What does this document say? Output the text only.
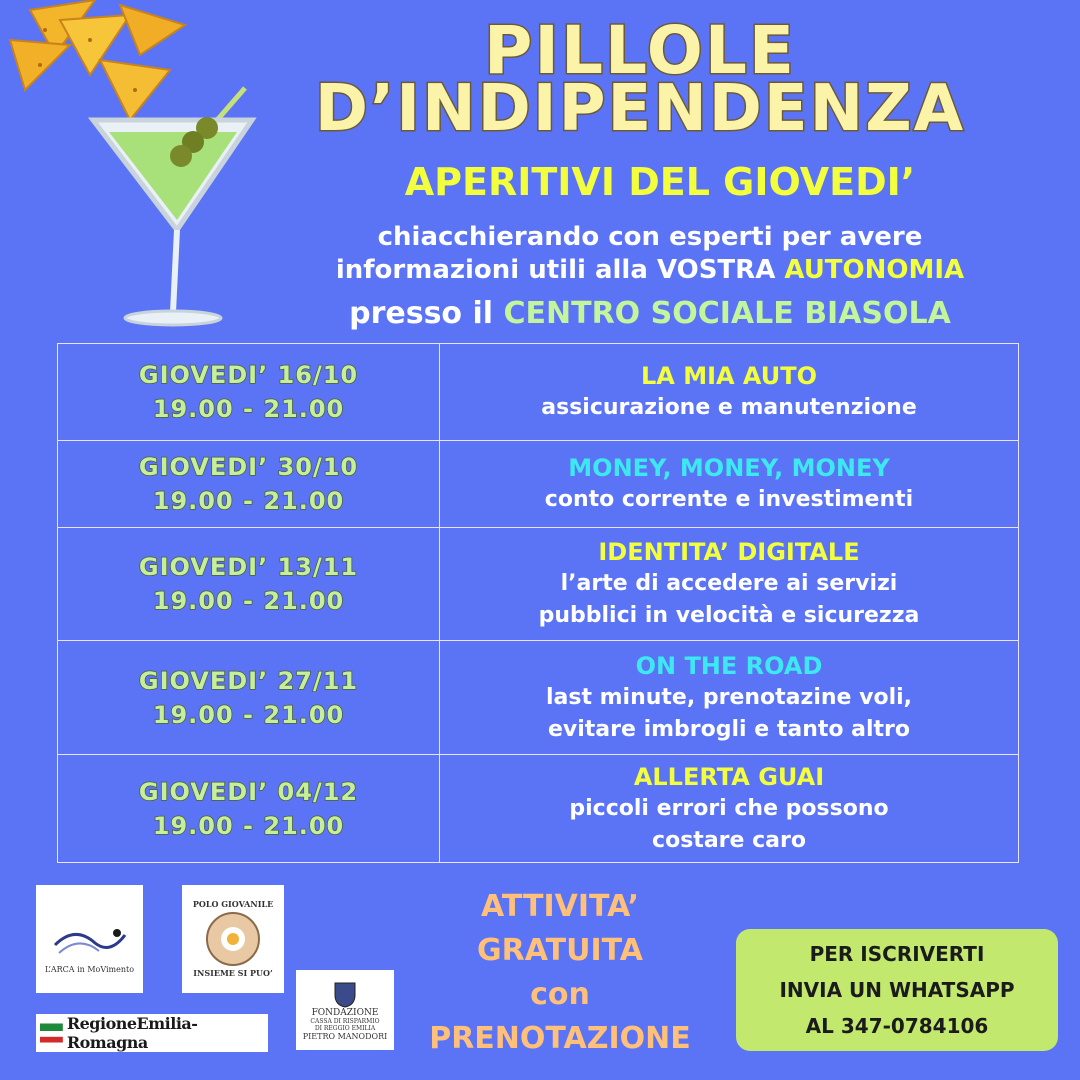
PILLOLE
D’INDIPENDENZA
APERITIVI DEL GIOVEDI’
chiacchierando con esperti per avere
informazioni utili alla VOSTRA AUTONOMIA
presso il CENTRO SOCIALE BIASOLA
GIOVEDI’ 16/10
19.00 - 21.00
LA MIA AUTO
assicurazione e manutenzione
GIOVEDI’ 30/10
19.00 - 21.00
MONEY, MONEY, MONEY
conto corrente e investimenti
GIOVEDI’ 13/11
19.00 - 21.00
IDENTITA’ DIGITALE
l’arte di accedere ai servizi
pubblici in velocità e sicurezza
GIOVEDI’ 27/11
19.00 - 21.00
ON THE ROAD
last minute, prenotazine voli,
evitare imbrogli e tanto altro
GIOVEDI’ 04/12
19.00 - 21.00
ALLERTA GUAI
piccoli errori che possono
costare caro
L’ARCA in MoVimento
POLO GIOVANILE
INSIEME SI PUO’
FONDAZIONE
CASSA DI RISPARMIO
DI REGGIO EMILIA
PIETRO MANODORI
RegioneEmilia-Romagna
ATTIVITA’
GRATUITA
con
PRENOTAZIONE
PER ISCRIVERTI
INVIA UN WHATSAPP
AL 347-0784106
